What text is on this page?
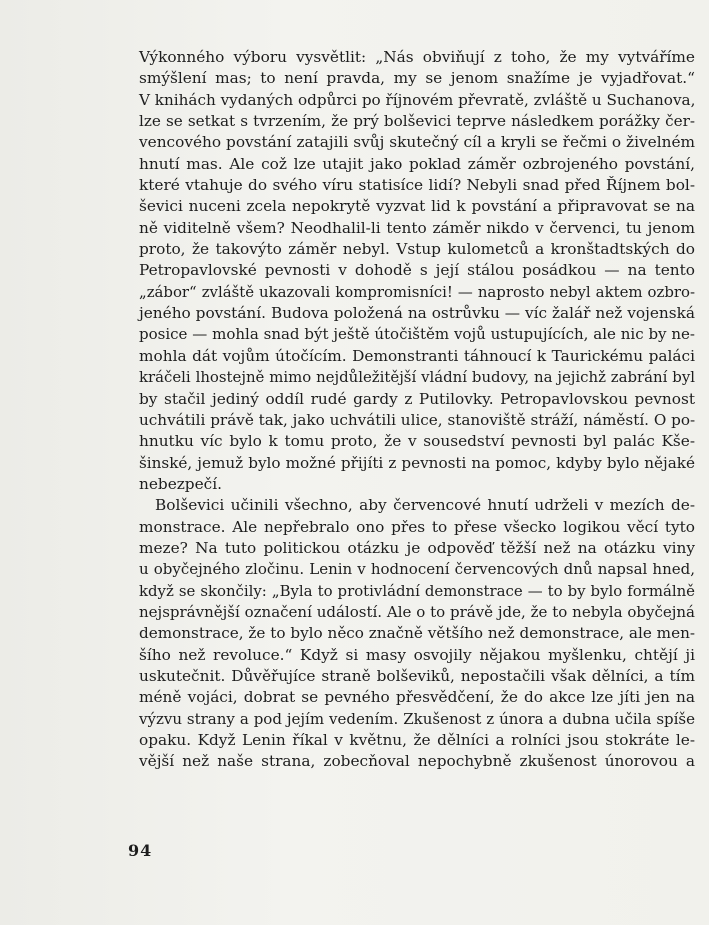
Výkonného výboru vysvětlit: „Nás obviňují z toho, že my vytváříme
smýšlení mas; to není pravda, my se jenom snažíme je vyjadřovat.“
V knihách vydaných odpůrci po říjnovém převratě, zvláště u Suchanova,
lze se setkat s tvrzením, že prý bolševici teprve následkem porážky čer-
vencového povstání zatajili svůj skutečný cíl a kryli se řečmi o živelném
hnutí mas. Ale což lze utajit jako poklad záměr ozbrojeného povstání,
které vtahuje do svého víru statisíce lidí? Nebyli snad před Říjnem bol-
ševici nuceni zcela nepokrytě vyzvat lid k povstání a připravovat se na
ně viditelně všem? Neodhalil-li tento záměr nikdo v červenci, tu jenom
proto, že takovýto záměr nebyl. Vstup kulometců a kronštadtských do
Petropavlovské pevnosti v dohodě s její stálou posádkou — na tento
„zábor“ zvláště ukazovali kompromisníci! — naprosto nebyl aktem ozbro-
jeného povstání. Budova položená na ostrůvku — víc žalář než vojenská
posice — mohla snad být ještě útočištěm vojů ustupujících, ale nic by ne-
mohla dát vojům útočícím. Demonstranti táhnoucí k Taurickému paláci
kráčeli lhostejně mimo nejdůležitější vládní budovy, na jejichž zabrání byl
by stačil jediný oddíl rudé gardy z Putilovky. Petropavlovskou pevnost
uchvátili právě tak, jako uchvátili ulice, stanoviště stráží, náměstí. O po-
hnutku víc bylo k tomu proto, že v sousedství pevnosti byl palác Kše-
šinské, jemuž bylo možné přijíti z pevnosti na pomoc, kdyby bylo nějaké
nebezpečí.
Bolševici učinili všechno, aby červencové hnutí udrželi v mezích de-
monstrace. Ale nepřebralo ono přes to přese všecko logikou věcí tyto
meze? Na tuto politickou otázku je odpověď těžší než na otázku viny
u obyčejného zločinu. Lenin v hodnocení červencových dnů napsal hned,
když se skončily: „Byla to protivládní demonstrace — to by bylo formálně
nejsprávnější označení událostí. Ale o to právě jde, že to nebyla obyčejná
demonstrace, že to bylo něco značně většího než demonstrace, ale men-
šího než revoluce.“ Když si masy osvojily nějakou myšlenku, chtějí ji
uskutečnit. Důvěřujíce straně bolševiků, nepostačili však dělníci, a tím
méně vojáci, dobrat se pevného přesvědčení, že do akce lze jíti jen na
výzvu strany a pod jejím vedením. Zkušenost z února a dubna učila spíše
opaku. Když Lenin říkal v květnu, že dělníci a rolníci jsou stokráte le-
vější než naše strana, zobecňoval nepochybně zkušenost únorovou a
94
